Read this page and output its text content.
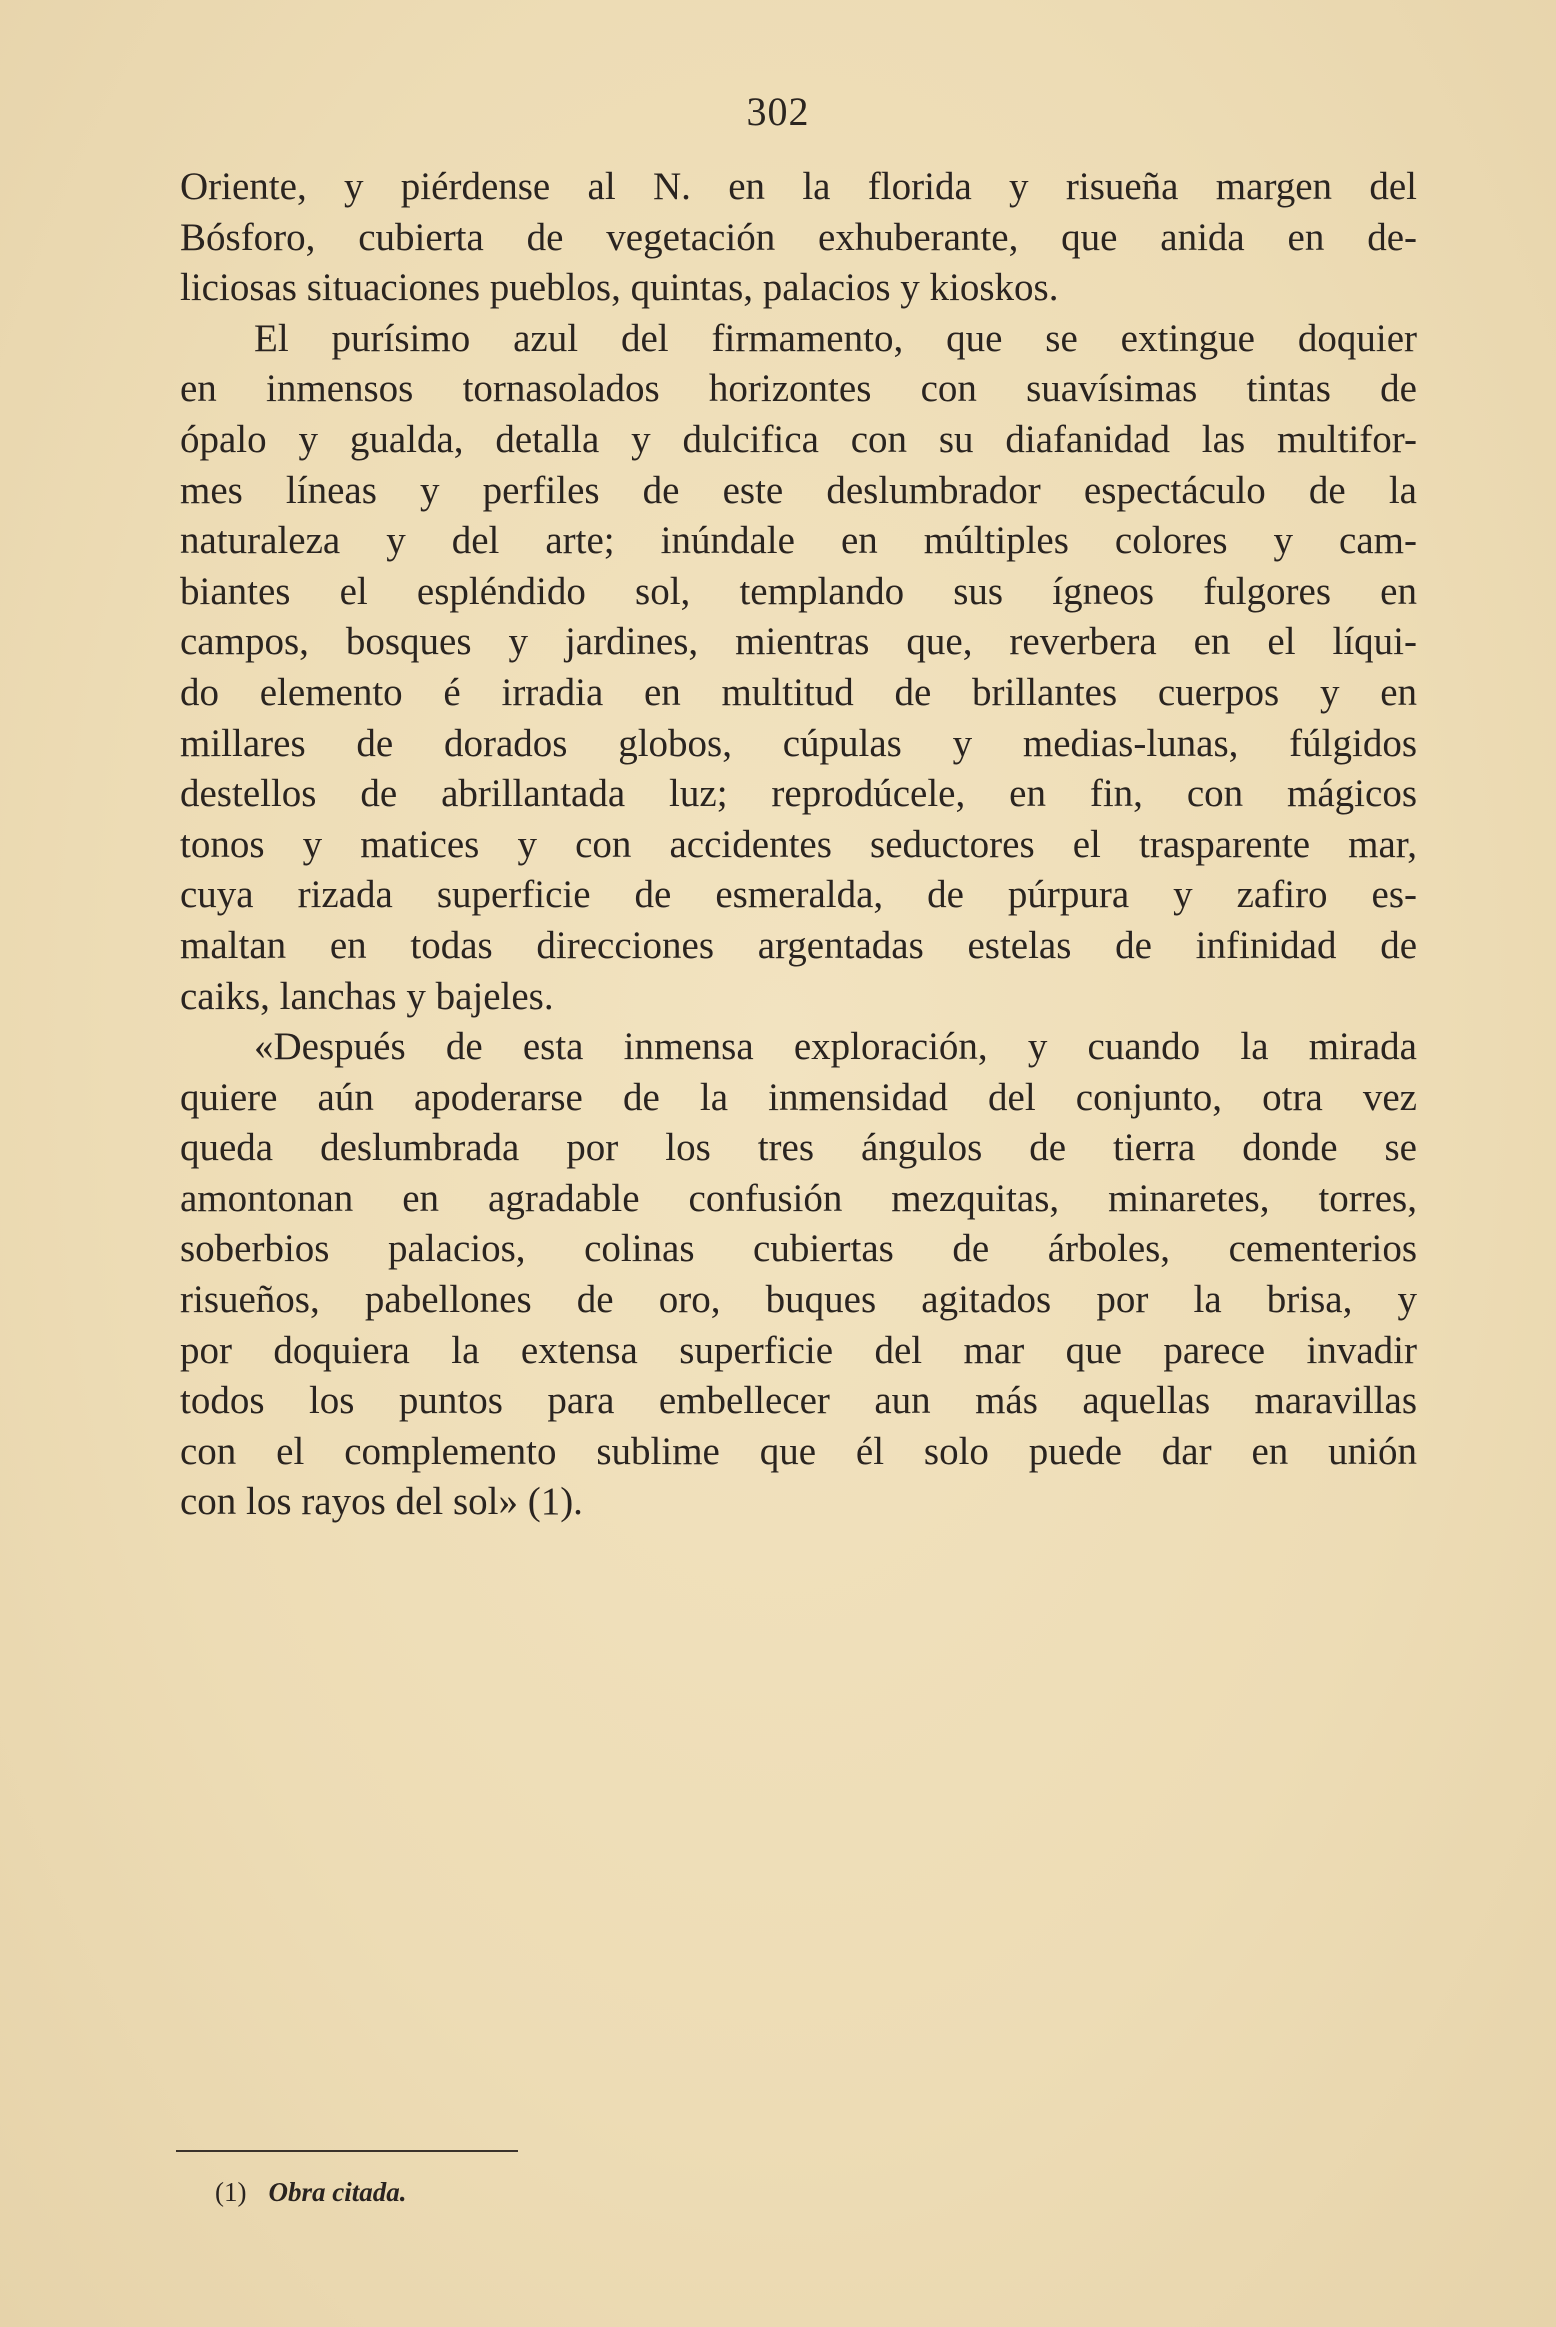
302
Oriente, y piérdense al N. en la florida y risueña margen del
Bósforo, cubierta de vegetación exhuberante, que anida en de-
liciosas situaciones pueblos, quintas, palacios y kioskos.
El purísimo azul del firmamento, que se extingue doquier
en inmensos tornasolados horizontes con suavísimas tintas de
ópalo y gualda, detalla y dulcifica con su diafanidad las multifor-
mes líneas y perfiles de este deslumbrador espectáculo de la
naturaleza y del arte; inúndale en múltiples colores y cam-
biantes el espléndido sol, templando sus ígneos fulgores en
campos, bosques y jardines, mientras que, reverbera en el líqui-
do elemento é irradia en multitud de brillantes cuerpos y en
millares de dorados globos, cúpulas y medias-lunas, fúlgidos
destellos de abrillantada luz; reprodúcele, en fin, con mágicos
tonos y matices y con accidentes seductores el trasparente mar,
cuya rizada superficie de esmeralda, de púrpura y zafiro es-
maltan en todas direcciones argentadas estelas de infinidad de
caiks, lanchas y bajeles.
«Después de esta inmensa exploración, y cuando la mirada
quiere aún apoderarse de la inmensidad del conjunto, otra vez
queda deslumbrada por los tres ángulos de tierra donde se
amontonan en agradable confusión mezquitas, minaretes, torres,
soberbios palacios, colinas cubiertas de árboles, cementerios
risueños, pabellones de oro, buques agitados por la brisa, y
por doquiera la extensa superficie del mar que parece invadir
todos los puntos para embellecer aun más aquellas maravillas
con el complemento sublime que él solo puede dar en unión
con los rayos del sol» (1).
(1) Obra citada.
